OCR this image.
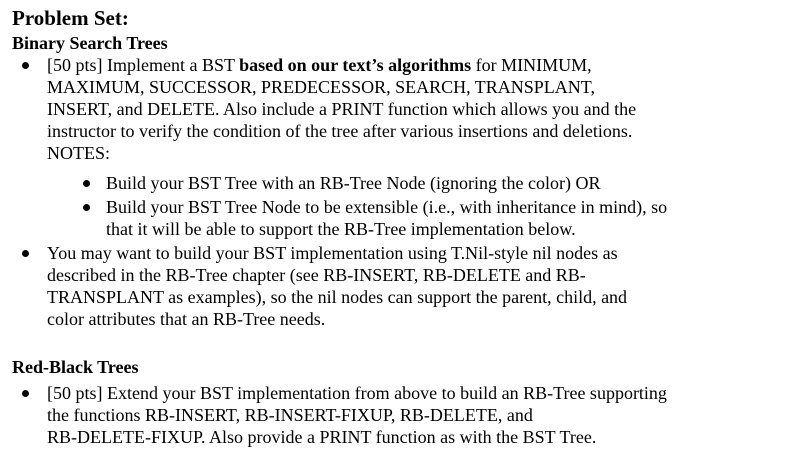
Problem Set:
Binary Search Trees
[50 pts] Implement a BST based on our text’s algorithms for MINIMUM,
MAXIMUM, SUCCESSOR, PREDECESSOR, SEARCH, TRANSPLANT,
INSERT, and DELETE. Also include a PRINT function which allows you and the
instructor to verify the condition of the tree after various insertions and deletions.
NOTES:
Build your BST Tree with an RB-Tree Node (ignoring the color) OR
Build your BST Tree Node to be extensible (i.e., with inheritance in mind), so
that it will be able to support the RB-Tree implementation below.
You may want to build your BST implementation using T.Nil-style nil nodes as
described in the RB-Tree chapter (see RB-INSERT, RB-DELETE and RB-
TRANSPLANT as examples), so the nil nodes can support the parent, child, and
color attributes that an RB-Tree needs.
Red-Black Trees
[50 pts] Extend your BST implementation from above to build an RB-Tree supporting
the functions RB-INSERT, RB-INSERT-FIXUP, RB-DELETE, and
RB-DELETE-FIXUP. Also provide a PRINT function as with the BST Tree.
